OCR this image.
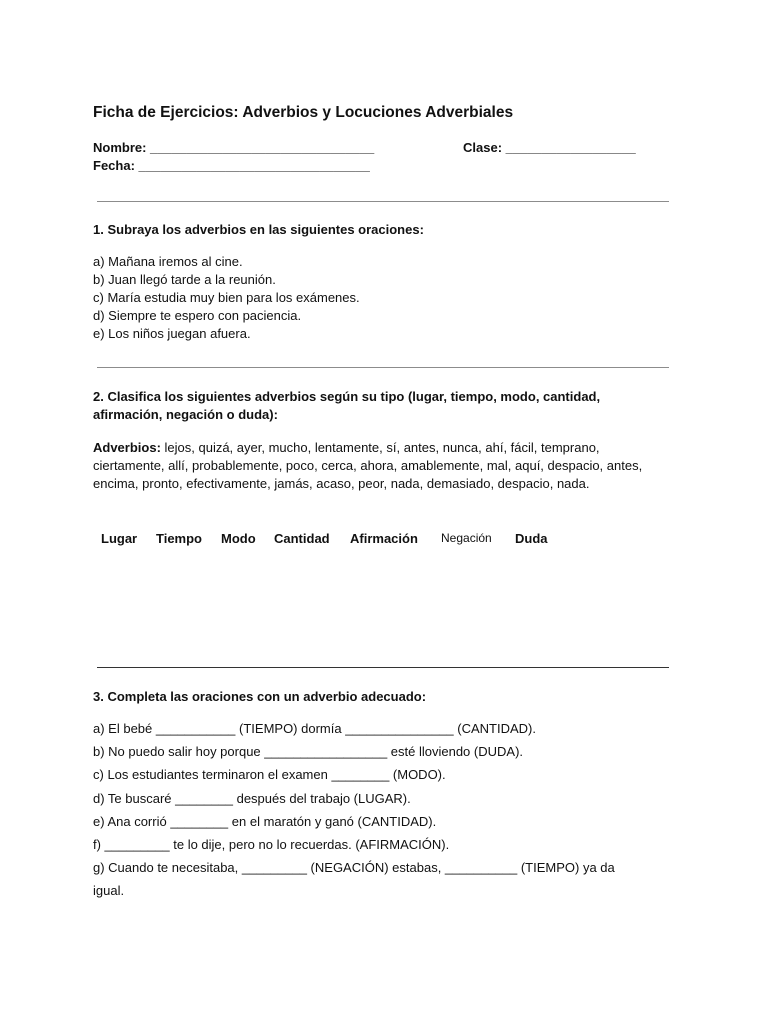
Ficha de Ejercicios: Adverbios y Locuciones Adverbiales
Nombre: _______________________________	Clase: __________________
Fecha: ________________________________
1. Subraya los adverbios en las siguientes oraciones:
a) Mañana iremos al cine.
b) Juan llegó tarde a la reunión.
c) María estudia muy bien para los exámenes.
d) Siempre te espero con paciencia.
e) Los niños juegan afuera.
2. Clasifica los siguientes adverbios según su tipo (lugar, tiempo, modo, cantidad,
afirmación, negación o duda):
Adverbios: lejos, quizá, ayer, mucho, lentamente, sí, antes, nunca, ahí, fácil, temprano, ciertamente, allí, probablemente, poco, cerca, ahora, amablemente, mal, aquí, despacio, antes, encima, pronto, efectivamente, jamás, acaso, peor, nada, demasiado, despacio, nada.
Lugar Tiempo Modo Cantidad Afirmación Negación Duda
3. Completa las oraciones con un adverbio adecuado:
a) El bebé ___________ (TIEMPO) dormía _______________ (CANTIDAD).
b) No puedo salir hoy porque _________________ esté lloviendo (DUDA).
c) Los estudiantes terminaron el examen ________ (MODO).
d) Te buscaré ________ después del trabajo (LUGAR).
e) Ana corrió ________ en el maratón y ganó (CANTIDAD).
f) _________ te lo dije, pero no lo recuerdas. (AFIRMACIÓN).
g) Cuando te necesitaba, _________ (NEGACIÓN) estabas, __________ (TIEMPO) ya da
igual.
